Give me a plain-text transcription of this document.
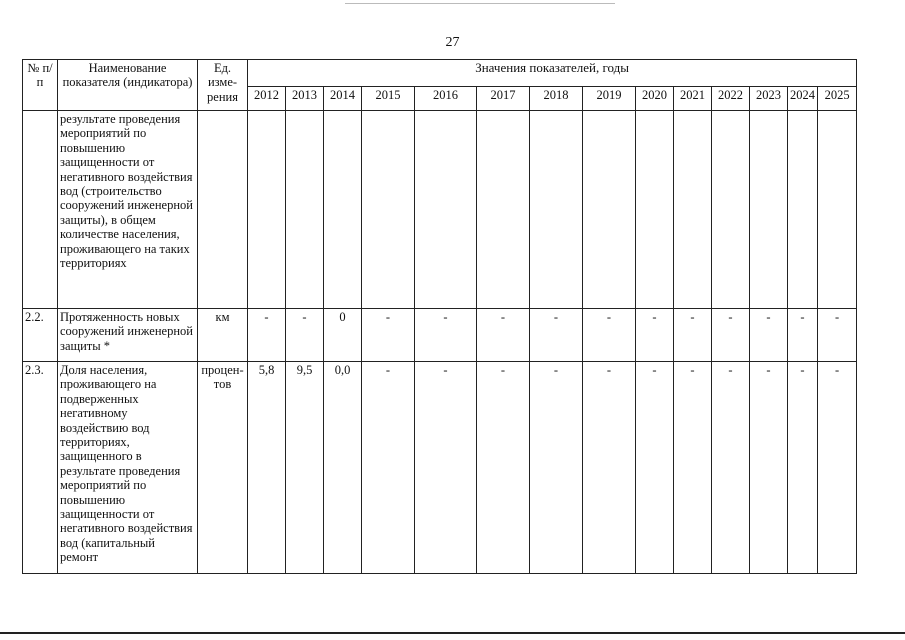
27
№ п/п	Наименование показателя (индикатора)	Ед. изме-рения	Значения показателей, годы													
			2012	2013	2014	2015	2016	2017	2018	2019	2020	2021	2022	2023	2024	2025
	результате проведения мероприятий по повышению защищенности от негативного воздействия вод (строительство сооружений инженерной защиты), в общем количестве населения, проживающего на таких территориях															
2.2.	Протяженность новых сооружений инженерной защиты *	км	-	-	0	-	-	-	-	-	-	-	-	-	-	-
2.3.	Доля населения, проживающего на подверженных негативному воздействию вод территориях, защищенного в результате проведения мероприятий по повышению защищенности от негативного воздействия вод (капитальный ремонт	процен-тов	5,8	9,5	0,0	-	-	-	-	-	-	-	-	-	-	-
